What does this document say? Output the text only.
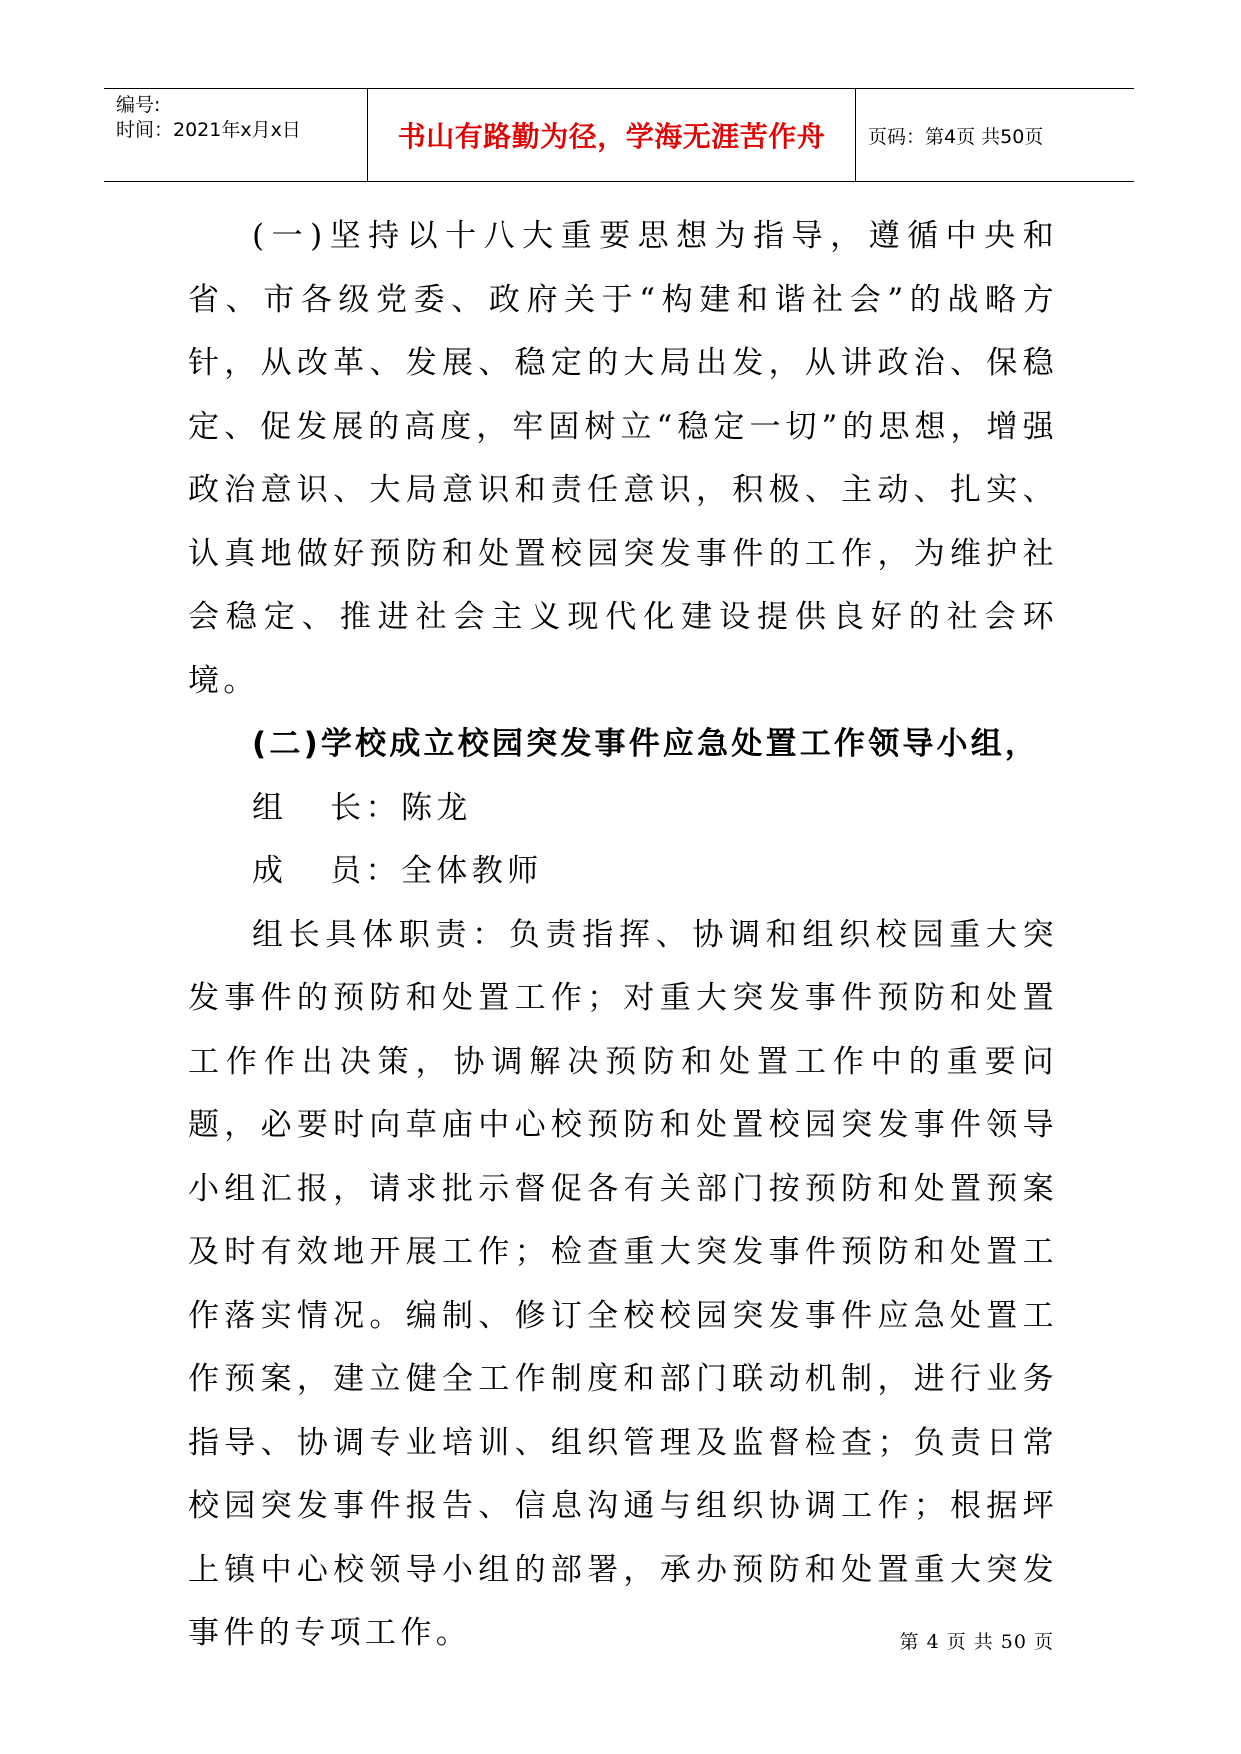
编号:
时间：2021年x月x日	书山有路勤为径，学海无涯苦作舟 页码：第4页 共50页

(一)坚持以十八大重要思想为指导，遵循中央和省、市各级党委、政府关于“构建和谐社会”的战略方针，从改革、发展、稳定的大局出发，从讲政治、保稳定、促发展的高度，牢固树立“稳定一切”的思想，增强政治意识、大局意识和责任意识，积极、主动、扎实、认真地做好预防和处置校园突发事件的工作，为维护社会稳定、推进社会主义现代化建设提供良好的社会环境。

(二)学校成立校园突发事件应急处置工作领导小组，

组   长：陈龙

成   员：全体教师

组长具体职责：负责指挥、协调和组织校园重大突发事件的预防和处置工作；对重大突发事件预防和处置工作作出决策，协调解决预防和处置工作中的重要问题，必要时向草庙中心校预防和处置校园突发事件领导小组汇报，请求批示督促各有关部门按预防和处置预案及时有效地开展工作；检查重大突发事件预防和处置工作落实情况。编制、修订全校校园突发事件应急处置工作预案，建立健全工作制度和部门联动机制，进行业务指导、协调专业培训、组织管理及监督检查；负责日常校园突发事件报告、信息沟通与组织协调工作；根据坪上镇中心校领导小组的部署，承办预防和处置重大突发事件的专项工作。	第 4 页 共 50 页
